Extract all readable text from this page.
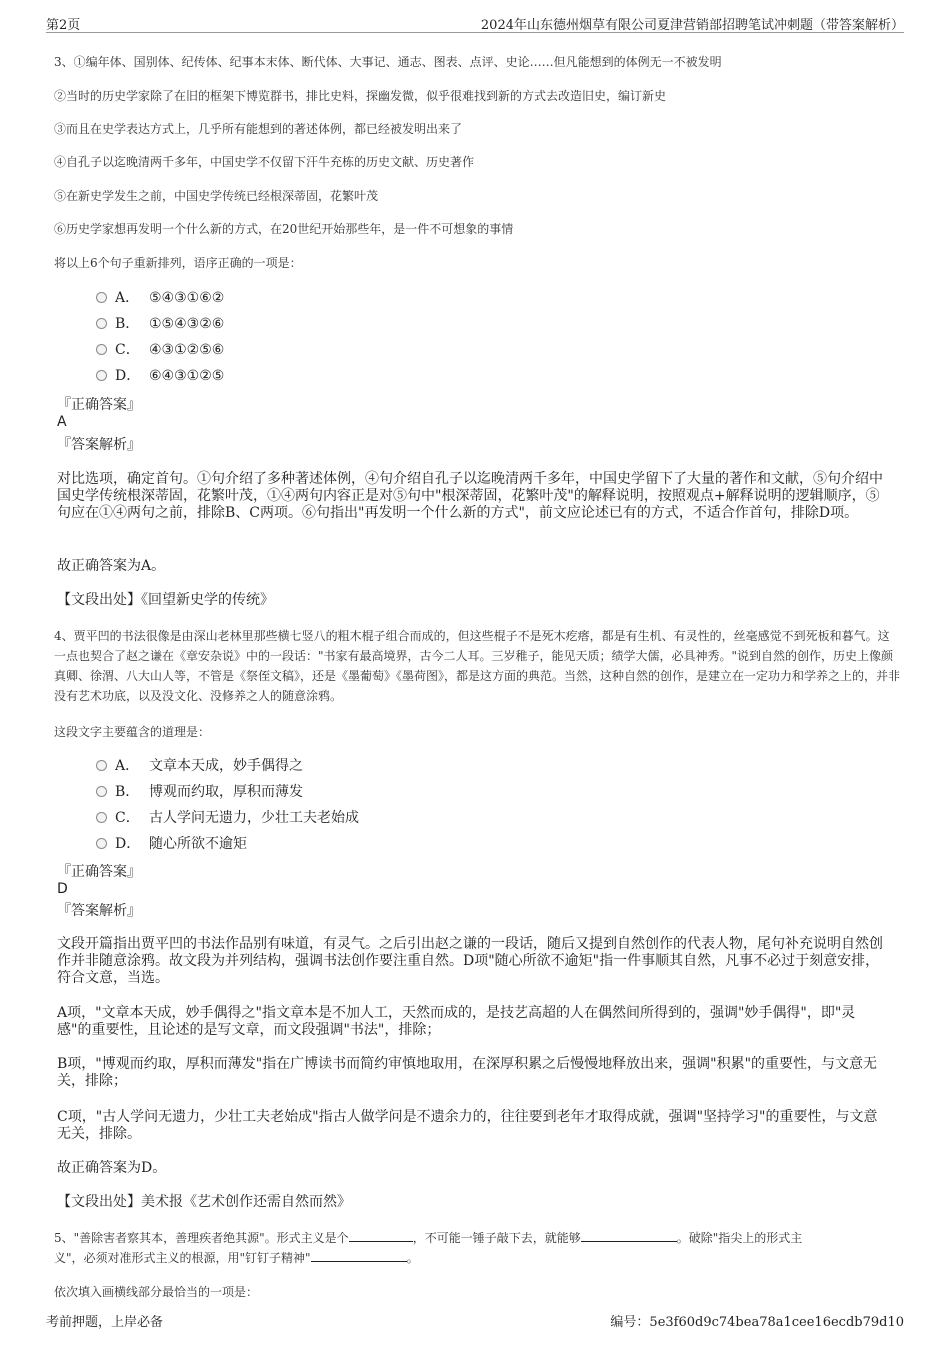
第2页	2024年山东德州烟草有限公司夏津营销部招聘笔试冲刺题（带答案解析）
3、①编年体、国别体、纪传体、纪事本末体、断代体、大事记、通志、图表、点评、史论……但凡能想到的体例无一不被发明
②当时的历史学家除了在旧的框架下博览群书，排比史料，探幽发微，似乎很难找到新的方式去改造旧史，编订新史
③而且在史学表达方式上，几乎所有能想到的著述体例，都已经被发明出来了
④自孔子以迄晚清两千多年，中国史学不仅留下汗牛充栋的历史文献、历史著作
⑤在新史学发生之前，中国史学传统已经根深蒂固，花繁叶茂
⑥历史学家想再发明一个什么新的方式，在20世纪开始那些年，是一件不可想象的事情
将以上6个句子重新排列，语序正确的一项是：
A． ⑤④③①⑥②
B． ①⑤④③②⑥
C． ④③①②⑤⑥
D． ⑥④③①②⑤
『正确答案』
A
『答案解析』
对比选项，确定首句。①句介绍了多种著述体例，④句介绍自孔子以迄晚清两千多年，中国史学留下了大量的著作和文献，⑤句介绍中国史学传统根深蒂固，花繁叶茂，①④两句内容正是对⑤句中"根深蒂固，花繁叶茂"的解释说明，按照观点+解释说明的逻辑顺序，⑤句应在①④两句之前，排除B、C两项。⑥句指出"再发明一个什么新的方式"，前文应论述已有的方式，不适合作首句，排除D项。
故正确答案为A。
【文段出处】《回望新史学的传统》
4、贾平凹的书法很像是由深山老林里那些横七竖八的粗木棍子组合而成的，但这些棍子不是死木疙瘩，都是有生机、有灵性的，丝毫感觉不到死板和暮气。这一点也契合了赵之谦在《章安杂说》中的一段话："书家有最高境界，古今二人耳。三岁稚子，能见天质；绩学大儒，必具神秀。"说到自然的创作，历史上像颜真卿、徐渭、八大山人等，不管是《祭侄文稿》，还是《墨葡萄》《墨荷图》，都是这方面的典范。当然，这种自然的创作，是建立在一定功力和学养之上的，并非没有艺术功底，以及没文化、没修养之人的随意涂鸦。
这段文字主要蕴含的道理是：
A． 文章本天成，妙手偶得之
B． 博观而约取，厚积而薄发
C． 古人学问无遗力，少壮工夫老始成
D． 随心所欲不逾矩
『正确答案』
D
『答案解析』
文段开篇指出贾平凹的书法作品别有味道，有灵气。之后引出赵之谦的一段话，随后又提到自然创作的代表人物，尾句补充说明自然创作并非随意涂鸦。故文段为并列结构，强调书法创作要注重自然。D项"随心所欲不逾矩"指一件事顺其自然，凡事不必过于刻意安排，符合文意，当选。
A项，"文章本天成，妙手偶得之"指文章本是不加人工，天然而成的，是技艺高超的人在偶然间所得到的，强调"妙手偶得"，即"灵感"的重要性，且论述的是写文章，而文段强调"书法"，排除；
B项，"博观而约取，厚积而薄发"指在广博读书而简约审慎地取用，在深厚积累之后慢慢地释放出来，强调"积累"的重要性，与文意无关，排除；
C项，"古人学问无遗力，少壮工夫老始成"指古人做学问是不遗余力的，往往要到老年才取得成就，强调"坚持学习"的重要性，与文意无关，排除。
故正确答案为D。
【文段出处】美术报《艺术创作还需自然而然》
5、"善除害者察其本，善理疾者绝其源"。形式主义是个	，不可能一锤子敲下去，就能够	。破除"指尖上的形式主
义"，必须对准形式主义的根源，用"钉钉子精神"	。
依次填入画横线部分最恰当的一项是：
考前押题，上岸必备	编号：5e3f60d9c74bea78a1cee16ecdb79d10
